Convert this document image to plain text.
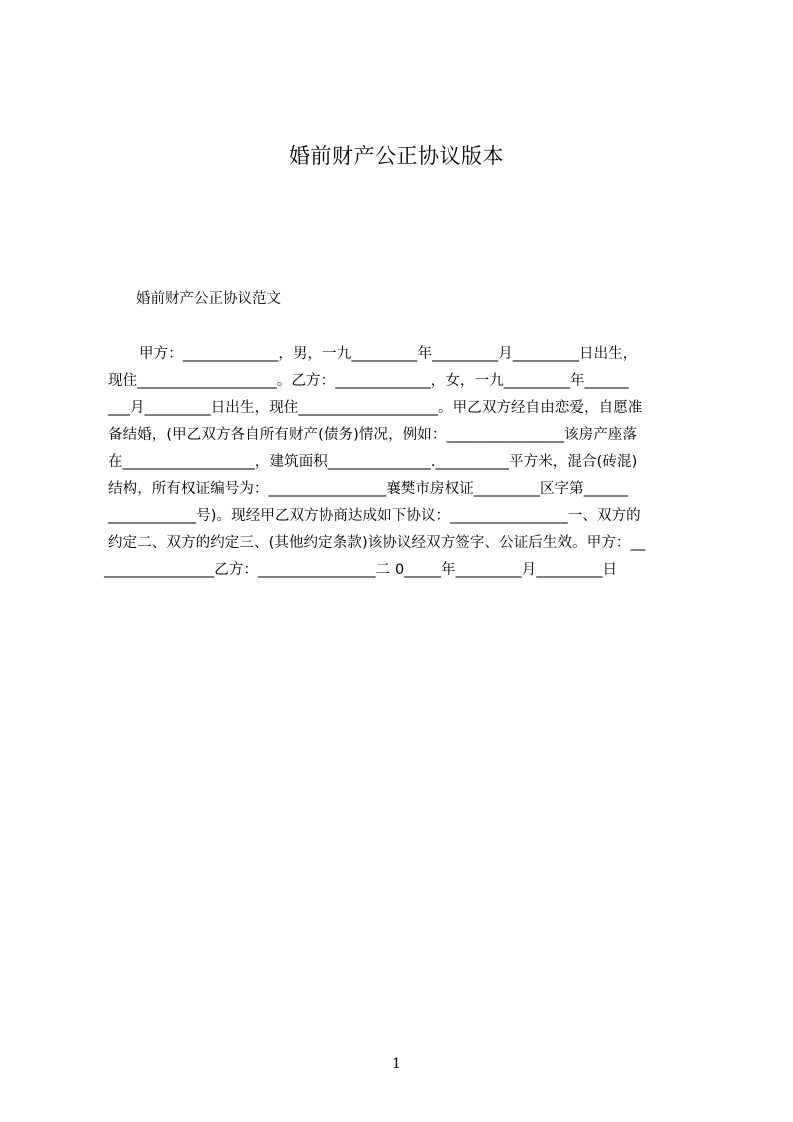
婚前财产公正协议版本
婚前财产公正协议范文
甲方：_____________，男，一九_________年_________月_________日出生，
现住___________________。乙方：_____________，女，一九_________年______
___月_________日出生，现住___________________。甲乙双方经自由恋爱，自愿准
备结婚，(甲乙双方各自所有财产(债务)情况，例如：________________该房产座落
在__________________，建筑面积______________.__________平方米，混合(砖混)
结构，所有权证编号为：________________襄樊市房权证_________区字第______
____________号)。现经甲乙双方协商达成如下协议：________________一、双方的
约定二、双方的约定三、(其他约定条款)该协议经双方签字、公证后生效。甲方：__
_______________乙方：________________二 0_____年_________月_________日
1
